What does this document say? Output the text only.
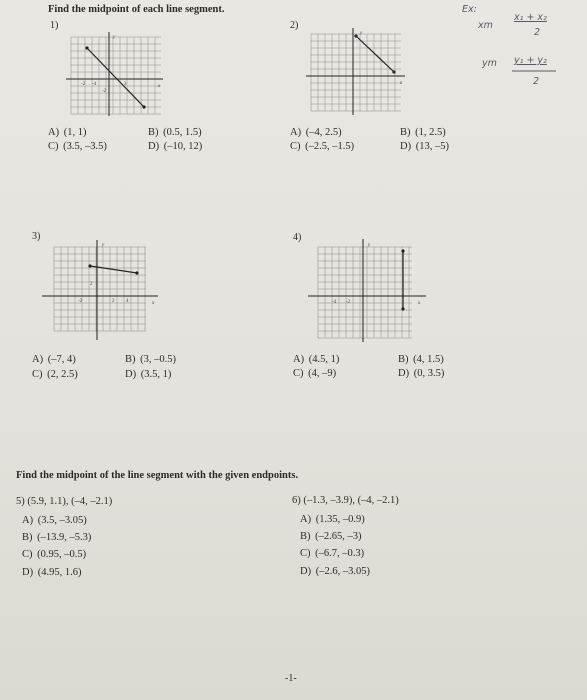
Find the midpoint of each line segment.	Ex:
xm
x₁ + x₂
2
ym y₁ + y₂
2
1)
y
x
-2 -4	2
-2
A) (1, 1)	B) (0.5, 1.5)
C) (3.5, –3.5)	D) (–10, 12)
2)
y
x
A) (–4, 2.5)	B) (1, 2.5)
C) (–2.5, –1.5)	D) (13, –5)
3)
y
x
-2	2 4
2
A) (–7, 4)	B) (3, –0.5)
C) (2, 2.5)	D) (3.5, 1)
4)
y
x
-4 -2
A) (4.5, 1)	B) (4, 1.5)
C) (4, –9)	D) (0, 3.5)
Find the midpoint of the line segment with the given endpoints.
5) (5.9, 1.1), (–4, –2.1)
A) (3.5, –3.05)
B) (–13.9, –5.3)
C) (0.95, –0.5)
D) (4.95, 1.6)
6) (–1.3, –3.9), (–4, –2.1)
A) (1.35, –0.9)
B) (–2.65, –3)
C) (–6.7, –0.3)
D) (–2.6, –3.05)
-1-
